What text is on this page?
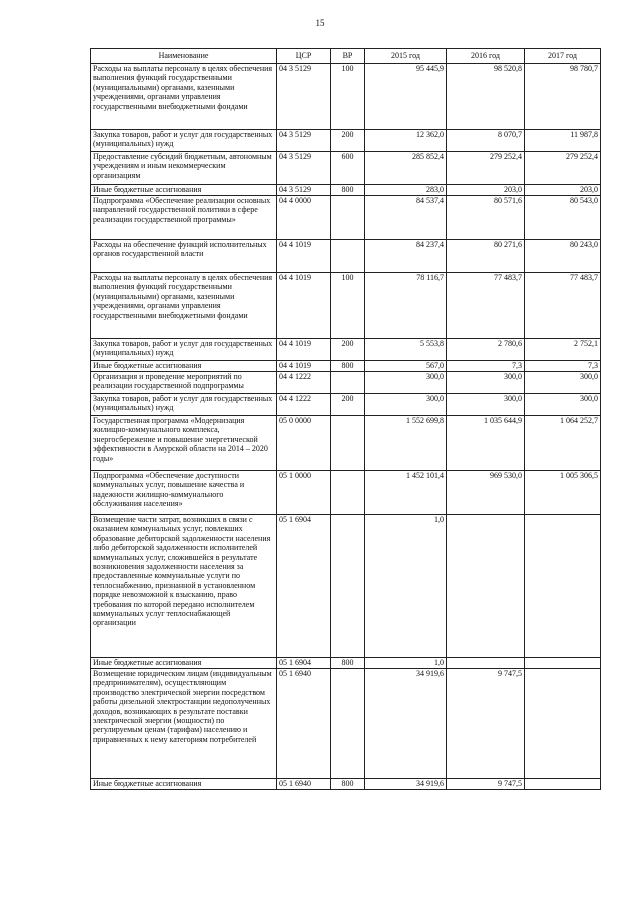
15
Наименование	ЦСР	ВР	2015 год	2016 год	2017 год
Расходы на выплаты персоналу в целях обеспечения выполнения функций государственными (муниципальными) органами, казенными учреждениями, органами управления государственными внебюджетными фондами	04 3 5129	100	95 445,9	98 520,8	98 780,7
Закупка товаров, работ и услуг для государственных (муниципальных) нужд	04 3 5129	200	12 362,0	8 070,7	11 987,8
Предоставление субсидий бюджетным, автономным учреждениям и иным некоммерческим организациям	04 3 5129	600	285 852,4	279 252,4	279 252,4
Иные бюджетные ассигнования	04 3 5129	800	283,0	203,0	203,0
Подпрограмма «Обеспечение реализации основных направлений государственной политики в сфере реализации государственной программы»	04 4 0000		84 537,4	80 571,6	80 543,0
Расходы на обеспечение функций исполнительных органов государственной власти	04 4 1019		84 237,4	80 271,6	80 243,0
Расходы на выплаты персоналу в целях обеспечения выполнения функций государственными (муниципальными) органами, казенными учреждениями, органами управления государственными внебюджетными фондами	04 4 1019	100	78 116,7	77 483,7	77 483,7
Закупка товаров, работ и услуг для государственных (муниципальных) нужд	04 4 1019	200	5 553,8	2 780,6	2 752,1
Иные бюджетные ассигнования	04 4 1019	800	567,0	7,3	7,3
Организация и проведение мероприятий по реализации государственной подпрограммы	04 4 1222		300,0	300,0	300,0
Закупка товаров, работ и услуг для государственных (муниципальных) нужд	04 4 1222	200	300,0	300,0	300,0
Государственная программа «Модернизация жилищно-коммунального комплекса, энергосбережение и повышение энергетической эффективности в Амурской области на 2014 – 2020 годы»	05 0 0000		1 552 699,8	1 035 644,9	1 064 252,7
Подпрограмма «Обеспечение доступности коммунальных услуг, повышение качества и надежности жилищно-коммунального обслуживания населения»	05 1 0000		1 452 101,4	969 530,0	1 005 306,5
Возмещение части затрат, возникших в связи с оказанием коммунальных услуг, повлекших образование дебиторской задолженности населения либо дебиторской задолженности исполнителей коммунальных услуг, сложившейся в результате возникновения задолженности населения за предоставленные коммунальные услуги по теплоснабжению, признанной в установленном порядке невозможной к взысканию, право требования по которой передано исполнителем коммунальных услуг теплоснабжающей организации	05 1 6904		1,0		
Иные бюджетные ассигнования	05 1 6904	800	1,0		
Возмещение юридическим лицам (индивидуальным предпринимателям), осуществляющим производство электрической энергии посредством работы дизельной электростанции недополученных доходов, возникающих в результате поставки электрической энергии (мощности) по регулируемым ценам (тарифам) населению и приравненных к нему категориям потребителей	05 1 6940		34 919,6	9 747,5	
Иные бюджетные ассигнования	05 1 6940	800	34 919,6	9 747,5	
